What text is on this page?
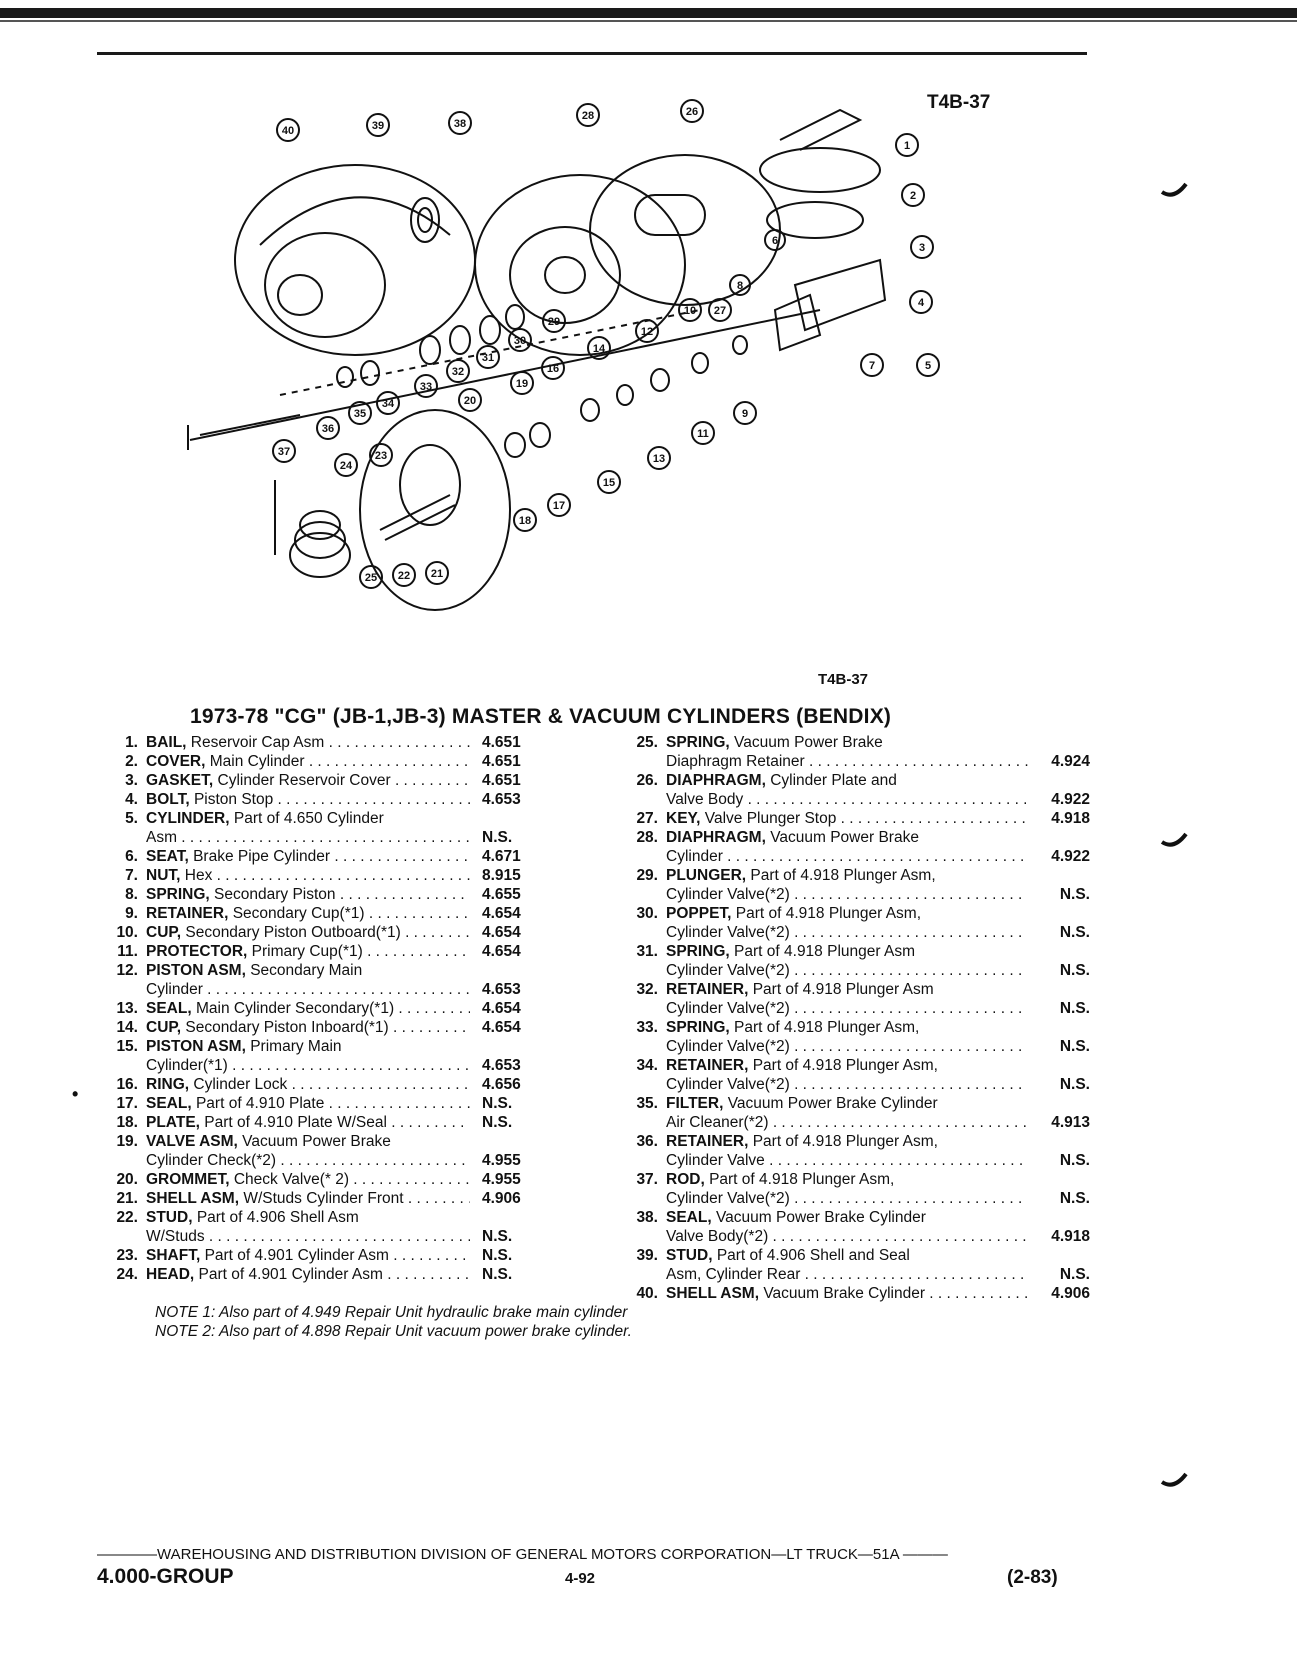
T4B-37
40	39	38
28	26
1
2
3
4
5
6
7
8
9
10
11
12
13
14
15
16
17
18
19
20
21
22
23
24
25
27
29
30
31
32
33
34
35
36
37
T4B-37
1973-78 "CG" (JB-1,JB-3) MASTER & VACUUM CYLINDERS (BENDIX)
•
1. BAIL, Reservoir Cap Asm . . .	4.651
2. COVER, Main Cylinder . . .	4.651
3. GASKET, Cylinder Reservoir Cover . . .	4.651
4. BOLT, Piston Stop . . .	4.653
5. CYLINDER, Part of 4.650 Cylinder
Asm . . .	N.S.
6. SEAT, Brake Pipe Cylinder . . .	4.671
7. NUT, Hex . . .	8.915
8. SPRING, Secondary Piston . . .	4.655
9. RETAINER, Secondary Cup(*1) . . .	4.654
10. CUP, Secondary Piston Outboard(*1) . . .	4.654
11. PROTECTOR, Primary Cup(*1) . . .	4.654
12. PISTON ASM, Secondary Main
Cylinder . . .	4.653
13. SEAL, Main Cylinder Secondary(*1) . . .	4.654
14. CUP, Secondary Piston Inboard(*1) . . .	4.654
15. PISTON ASM, Primary Main
Cylinder(*1) . . .	4.653
16. RING, Cylinder Lock . . .	4.656
17. SEAL, Part of 4.910 Plate . . .	N.S.
18. PLATE, Part of 4.910 Plate W/Seal . . .	N.S.
19. VALVE ASM, Vacuum Power Brake
Cylinder Check(*2) . . .	4.955
20. GROMMET, Check Valve(* 2) . . .	4.955
21. SHELL ASM, W/Studs Cylinder Front . . .	4.906
22. STUD, Part of 4.906 Shell Asm
W/Studs . . .	N.S.
23. SHAFT, Part of 4.901 Cylinder Asm . . .	N.S.
24. HEAD, Part of 4.901 Cylinder Asm . . .	N.S.
25. SPRING, Vacuum Power Brake
Diaphragm Retainer . . .	4.924
26. DIAPHRAGM, Cylinder Plate and
Valve Body . . .	4.922
27. KEY, Valve Plunger Stop . . .	4.918
28. DIAPHRAGM, Vacuum Power Brake
Cylinder . . .	4.922
29. PLUNGER, Part of 4.918 Plunger Asm,
Cylinder Valve(*2) . . .	N.S.
30. POPPET, Part of 4.918 Plunger Asm,
Cylinder Valve(*2) . . .	N.S.
31. SPRING, Part of 4.918 Plunger Asm
Cylinder Valve(*2) . . .	N.S.
32. RETAINER, Part of 4.918 Plunger Asm
Cylinder Valve(*2) . . .	N.S.
33. SPRING, Part of 4.918 Plunger Asm,
Cylinder Valve(*2) . . .	N.S.
34. RETAINER, Part of 4.918 Plunger Asm,
Cylinder Valve(*2) . . .	N.S.
35. FILTER, Vacuum Power Brake Cylinder
Air Cleaner(*2) . . .	4.913
36. RETAINER, Part of 4.918 Plunger Asm,
Cylinder Valve . . .	N.S.
37. ROD, Part of 4.918 Plunger Asm,
Cylinder Valve(*2) . . .	N.S.
38. SEAL, Vacuum Power Brake Cylinder
Valve Body(*2) . . .	4.918
39. STUD, Part of 4.906 Shell and Seal
Asm, Cylinder Rear . . .	N.S.
40. SHELL ASM, Vacuum Brake Cylinder . . .	4.906
NOTE 1: Also part of 4.949 Repair Unit hydraulic brake main cylinder
NOTE 2: Also part of 4.898 Repair Unit vacuum power brake cylinder.
————WAREHOUSING AND DISTRIBUTION DIVISION OF GENERAL MOTORS CORPORATION—LT TRUCK—51A ———
4.000-GROUP	4-92	(2-83)
